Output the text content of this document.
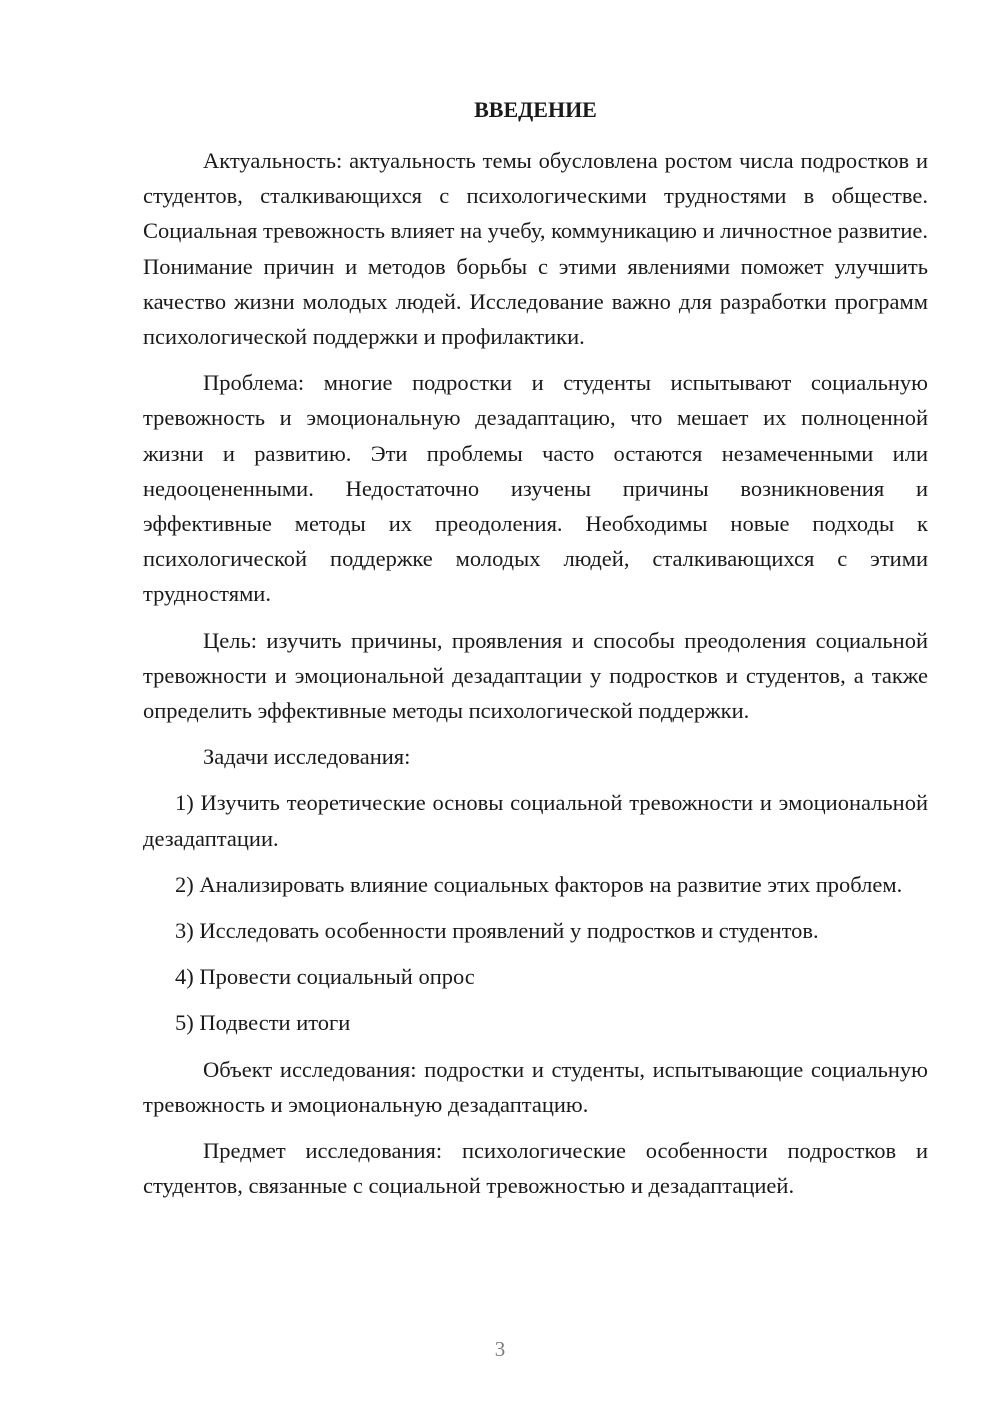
ВВЕДЕНИЕ

Актуальность: актуальность темы обусловлена ростом числа подростков и студентов, сталкивающихся с психологическими трудностями в обществе. Социальная тревожность влияет на учебу, коммуникацию и личностное развитие. Понимание причин и методов борьбы с этими явлениями поможет улучшить качество жизни молодых людей. Исследование важно для разработки программ психологической поддержки и профилактики.

Проблема: многие подростки и студенты испытывают социальную тревожность и эмоциональную дезадаптацию, что мешает их полноценной жизни и развитию. Эти проблемы часто остаются незамеченными или недооцененными. Недостаточно изучены причины возникновения и эффективные методы их преодоления. Необходимы новые подходы к психологической поддержке молодых людей, сталкивающихся с этими трудностями.

Цель: изучить причины, проявления и способы преодоления социальной тревожности и эмоциональной дезадаптации у подростков и студентов, а также определить эффективные методы психологической поддержки.

Задачи исследования:

1) Изучить теоретические основы социальной тревожности и эмоциональной дезадаптации.

2) Анализировать влияние социальных факторов на развитие этих проблем.

3) Исследовать особенности проявлений у подростков и студентов.

4) Провести социальный опрос

5) Подвести итоги

Объект исследования: подростки и студенты, испытывающие социальную тревожность и эмоциональную дезадаптацию.

Предмет исследования: психологические особенности подростков и студентов, связанные с социальной тревожностью и дезадаптацией.

3
